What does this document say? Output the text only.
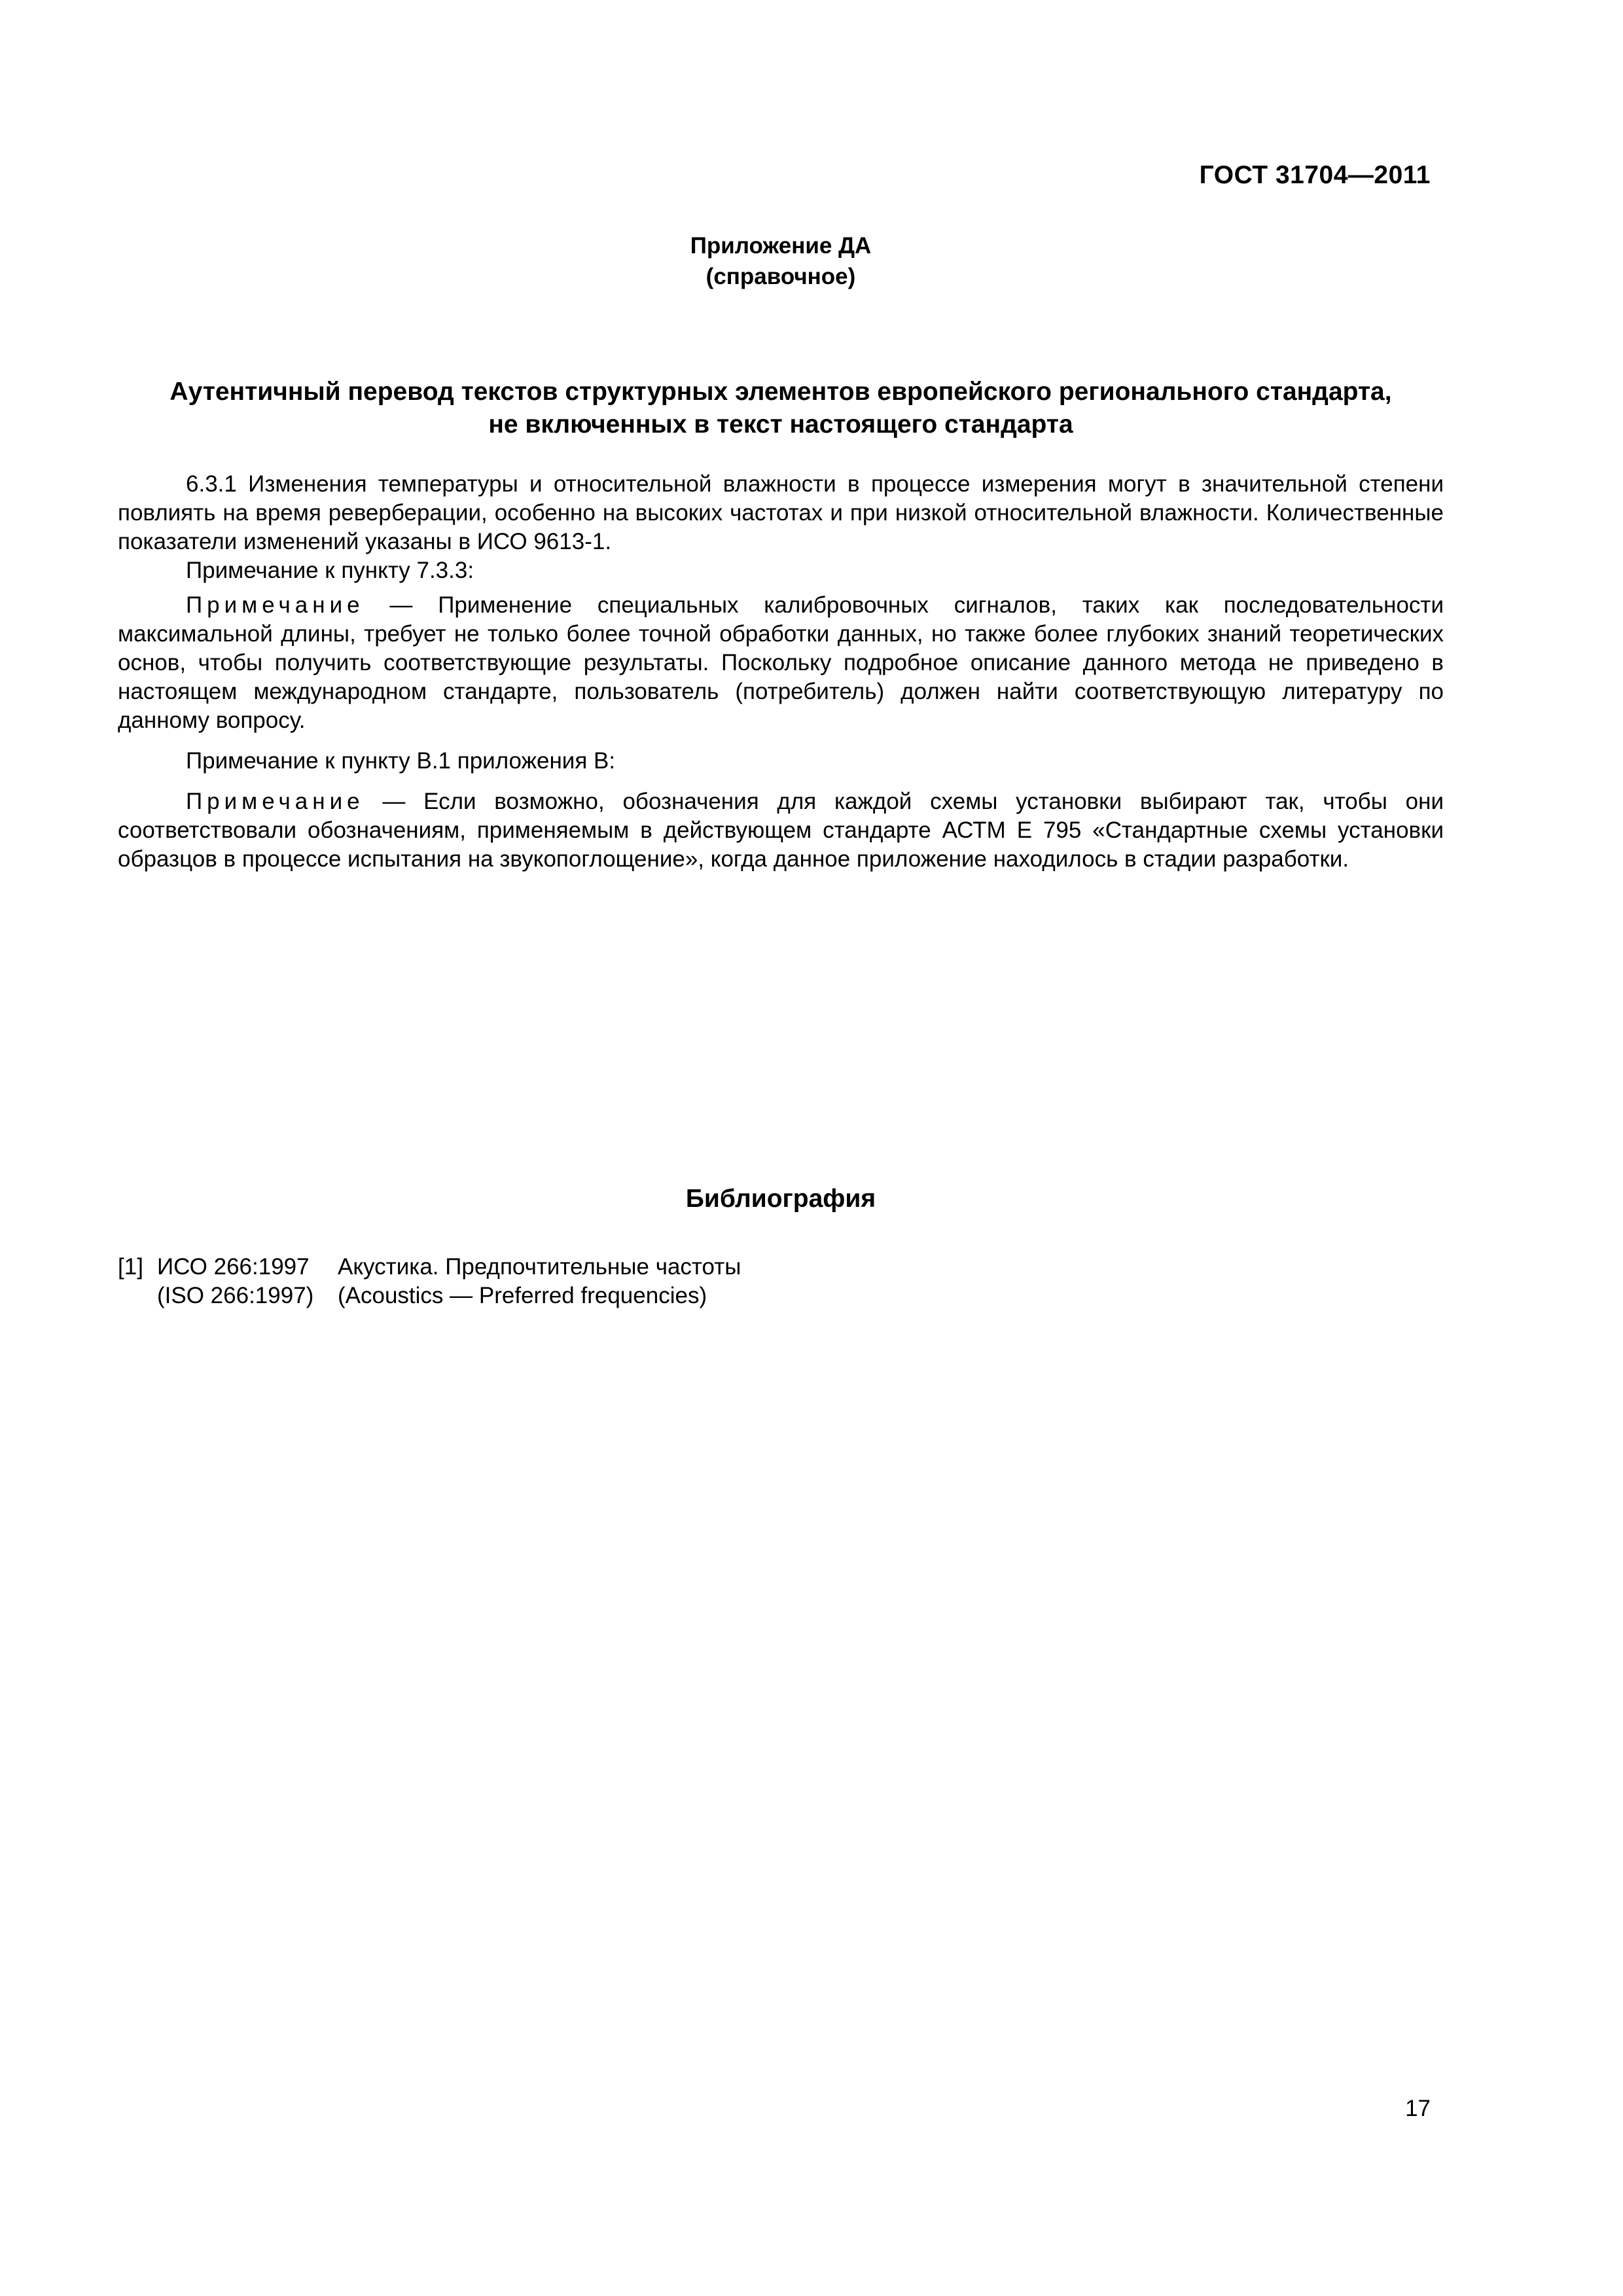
ГОСТ 31704—2011
Приложение ДА
(справочное)
Аутентичный перевод текстов структурных элементов европейского регионального стандарта,
не включенных в текст настоящего стандарта

6.3.1 Изменения температуры и относительной влажности в процессе измерения могут в значительной степени повлиять на время реверберации, особенно на высоких частотах и при низкой относительной влажности. Количественные показатели изменений указаны в ИСО 9613-1.

Примечание к пункту 7.3.3:

Примечание — Применение специальных калибровочных сигналов, таких как последовательности максимальной длины, требует не только более точной обработки данных, но также более глубоких знаний теоретических основ, чтобы получить соответствующие результаты. Поскольку подробное описание данного метода не приведено в настоящем международном стандарте, пользователь (потребитель) должен найти соответствующую литературу по данному вопросу.

Примечание к пункту В.1 приложения В:

Примечание — Если возможно, обозначения для каждой схемы установки выбирают так, чтобы они соответствовали обозначениям, применяемым в действующем стандарте АСТМ Е 795 «Стандартные схемы установки образцов в процессе испытания на звукопоглощение», когда данное приложение находилось в стадии разработки.

Библиография
[1] ИСО 266:1997	Акустика. Предпочтительные частоты
(ISO 266:1997)	(Acoustics — Preferred frequencies)
17
